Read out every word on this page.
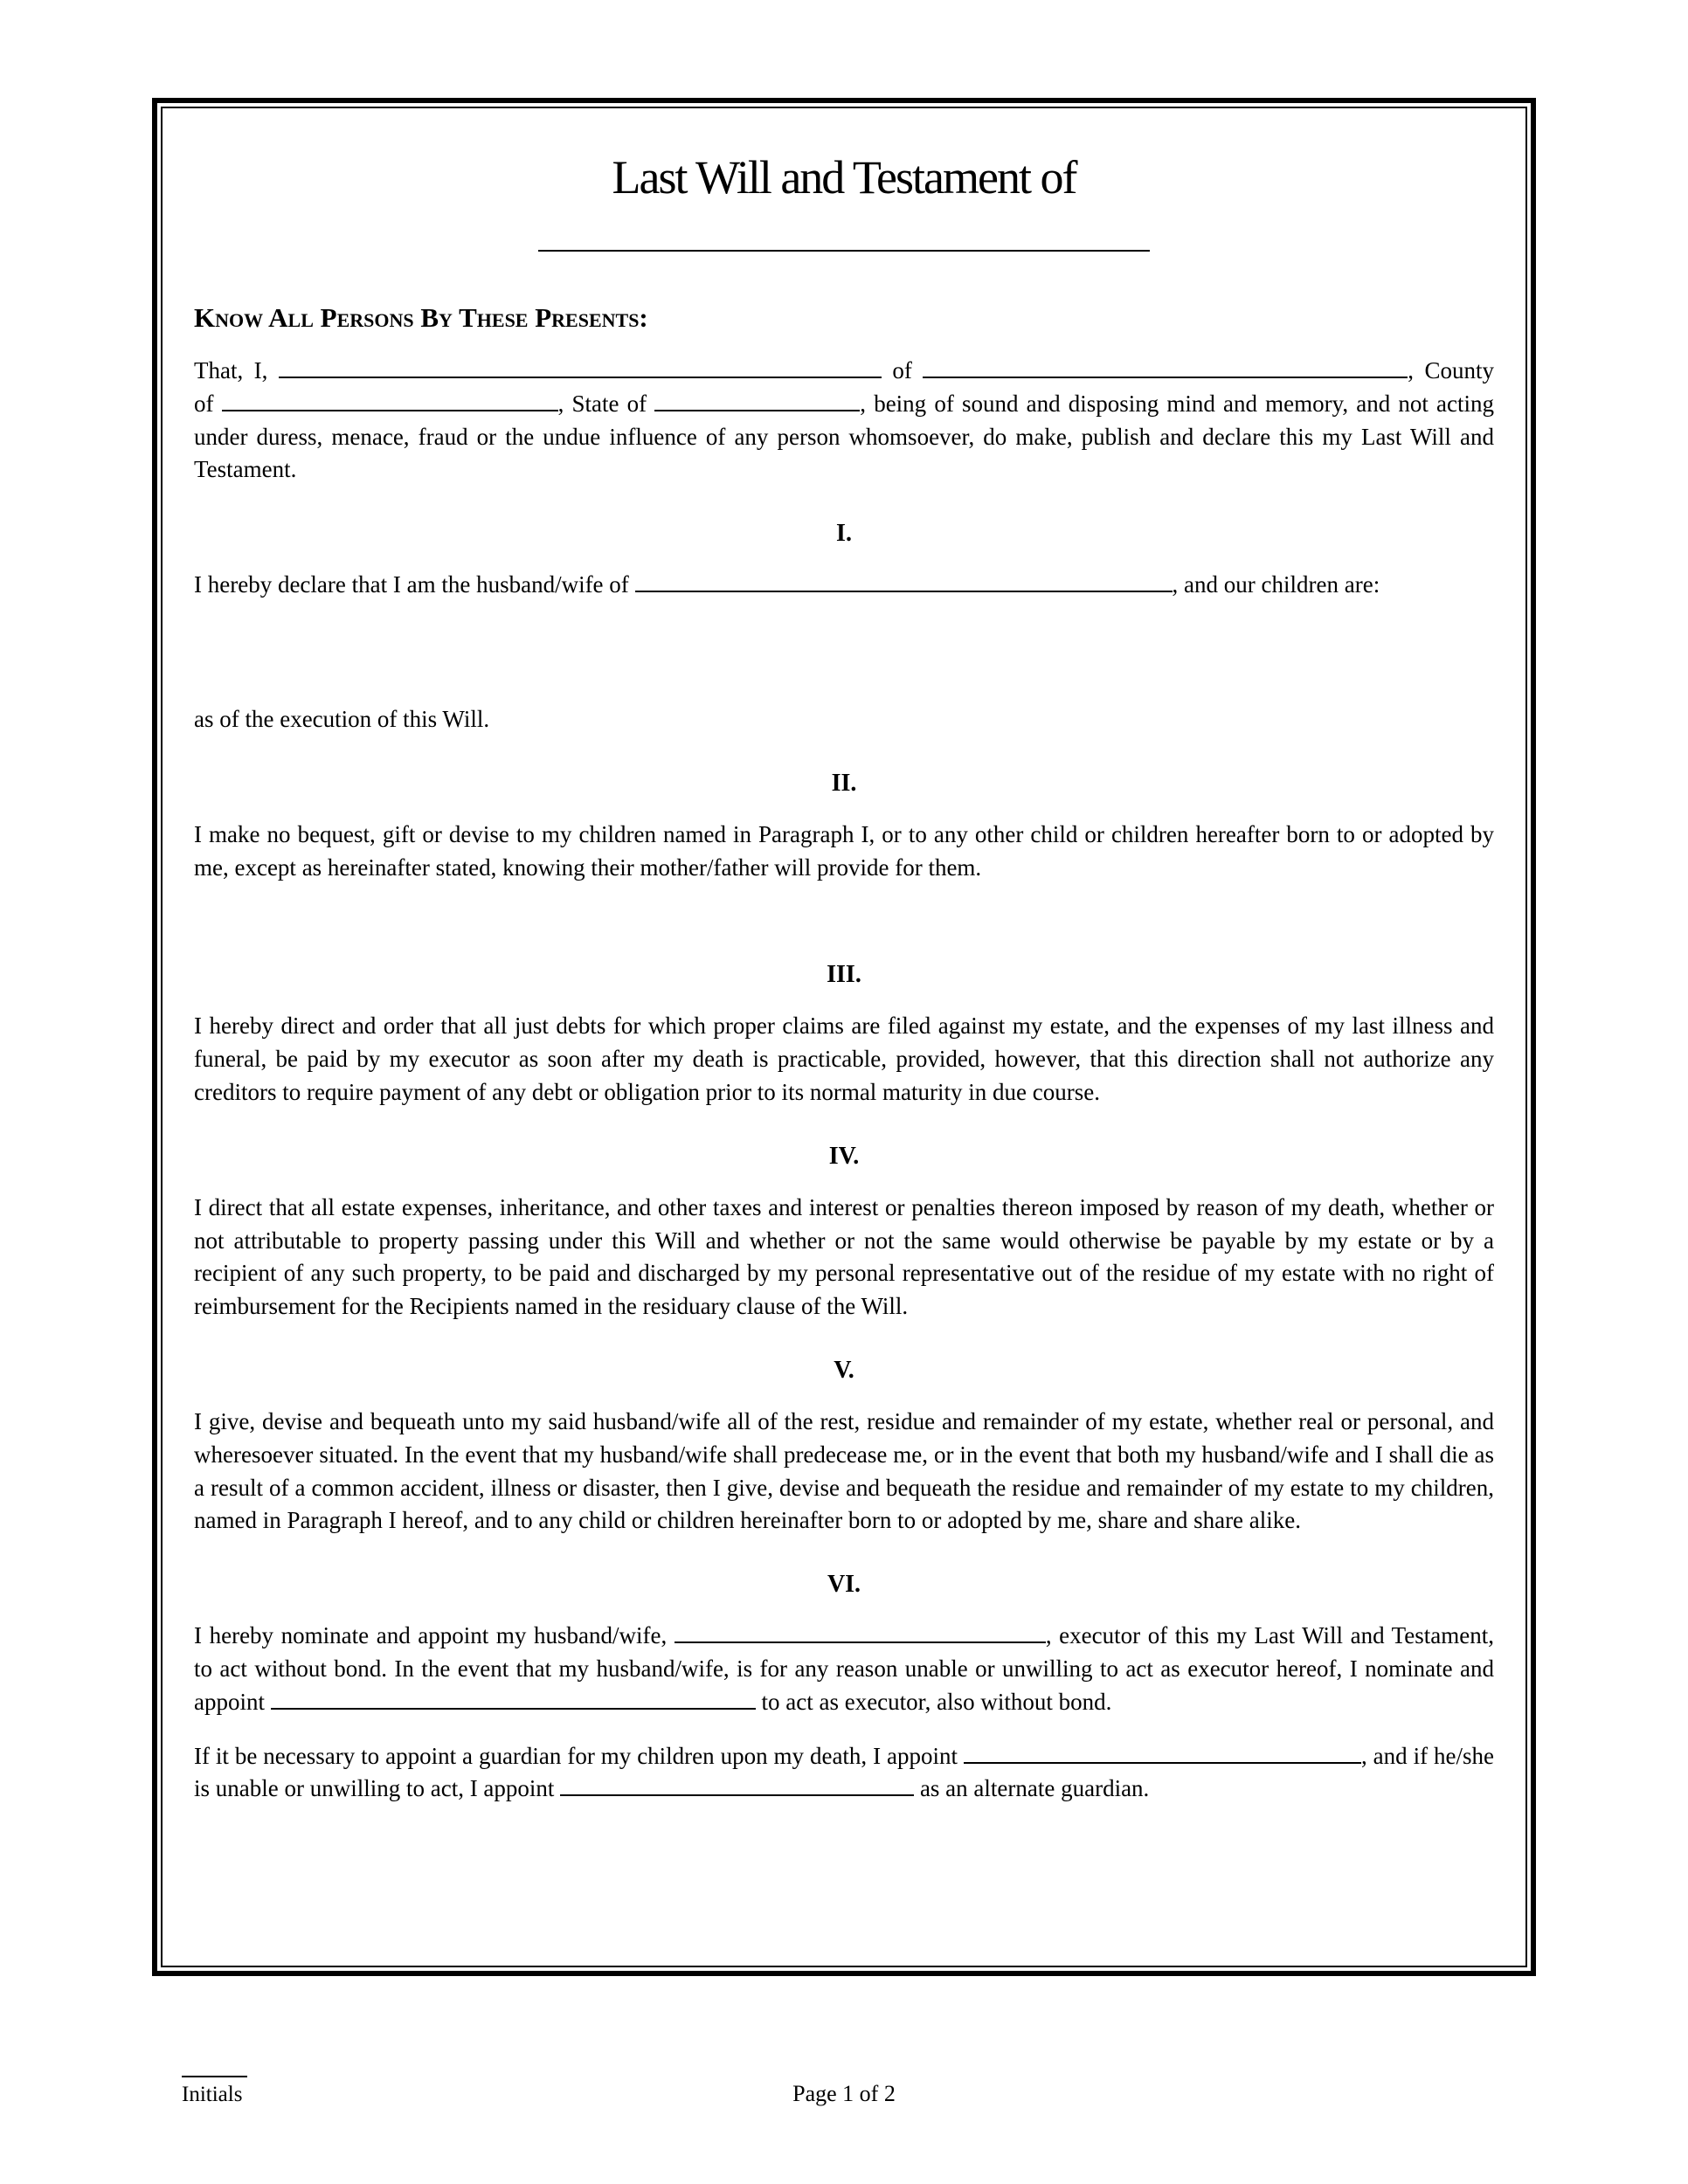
Last Will and Testament of
Know All Persons By These Presents:

That, I,	of	, County of	, State of	, being of sound and disposing mind and memory, and not acting under duress, menace, fraud or the undue influence of any person whomsoever, do make, publish and declare this my Last Will and Testament.

I.

I hereby declare that I am the husband/wife of	, and our children are:

as of the execution of this Will.

II.

I make no bequest, gift or devise to my children named in Paragraph I, or to any other child or children hereafter born to or adopted by me, except as hereinafter stated, knowing their mother/father will provide for them.

III.

I hereby direct and order that all just debts for which proper claims are filed against my estate, and the expenses of my last illness and funeral, be paid by my executor as soon after my death is practicable, provided, however, that this direction shall not authorize any creditors to require payment of any debt or obligation prior to its normal maturity in due course.

IV.

I direct that all estate expenses, inheritance, and other taxes and interest or penalties thereon imposed by reason of my death, whether or not attributable to property passing under this Will and whether or not the same would otherwise be payable by my estate or by a recipient of any such property, to be paid and discharged by my personal representative out of the residue of my estate with no right of reimbursement for the Recipients named in the residuary clause of the Will.

V.

I give, devise and bequeath unto my said husband/wife all of the rest, residue and remainder of my estate, whether real or personal, and wheresoever situated. In the event that my husband/wife shall predecease me, or in the event that both my husband/wife and I shall die as a result of a common accident, illness or disaster, then I give, devise and bequeath the residue and remainder of my estate to my children, named in Paragraph I hereof, and to any child or children hereinafter born to or adopted by me, share and share alike.

VI.

I hereby nominate and appoint my husband/wife,	, executor of this my Last Will and Testament, to act without bond. In the event that my husband/wife, is for any reason unable or unwilling to act as executor hereof, I nominate and appoint	to act as executor, also without bond.

If it be necessary to appoint a guardian for my children upon my death, I appoint	, and if he/she is unable or unwilling to act, I appoint	as an alternate guardian.

Page 1 of 2
Initials
